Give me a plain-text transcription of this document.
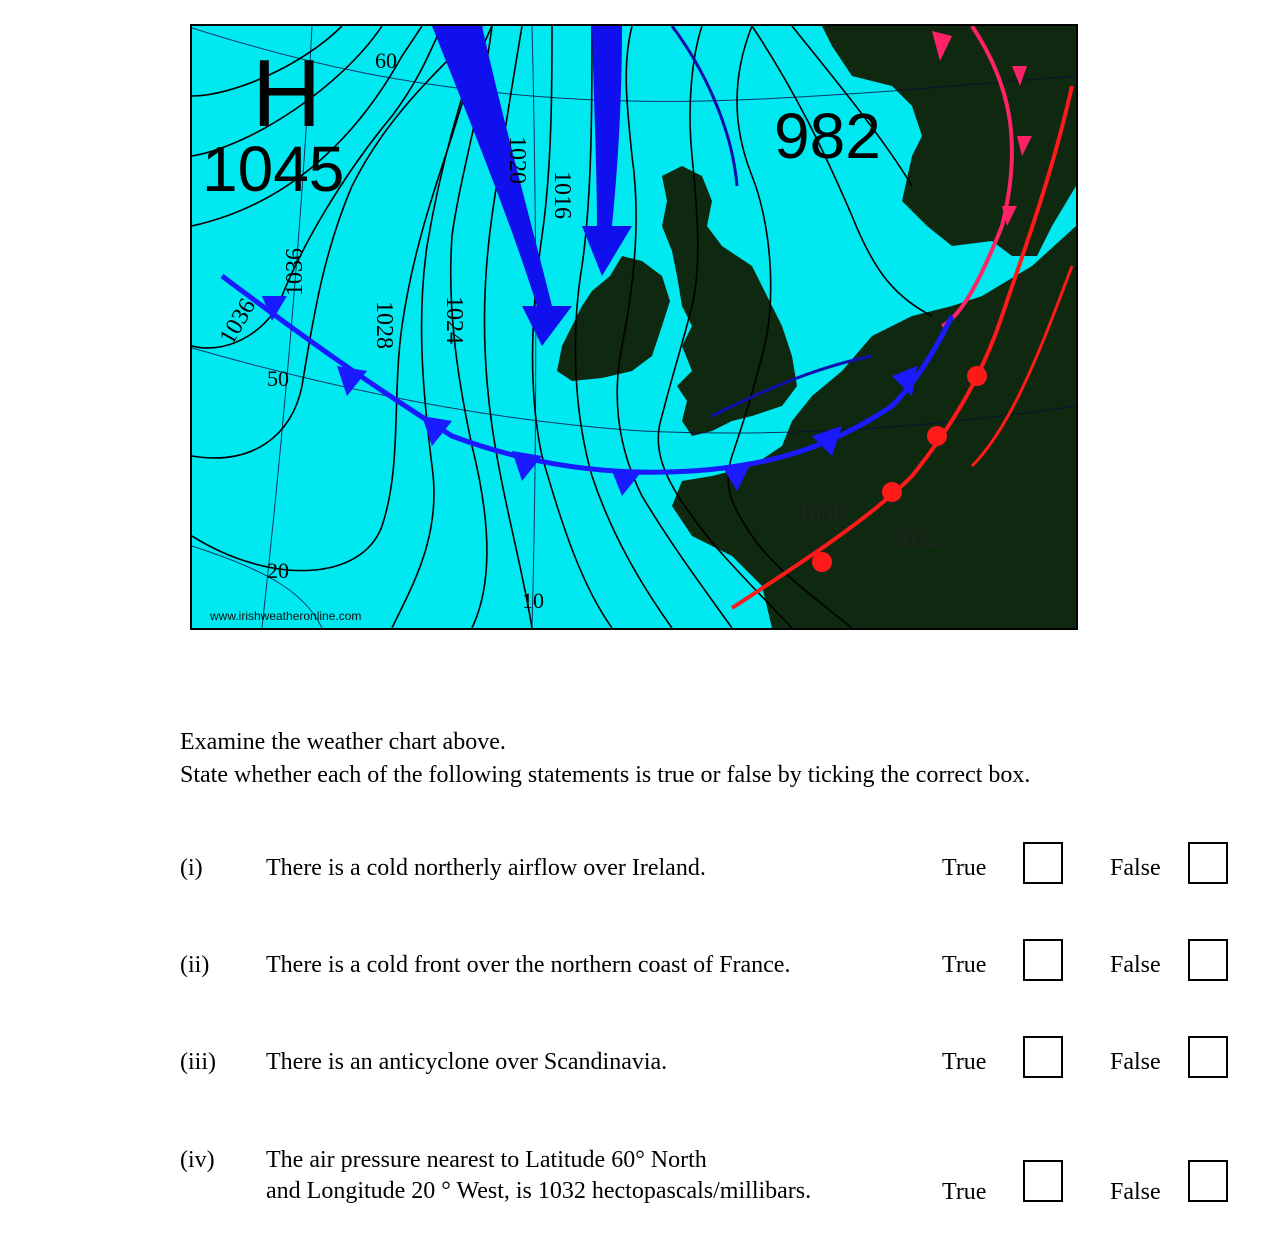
H
1045	982
1036
1036	1028 1024
1020
1016
1008
1012
60
50
20
10
www.irishweatheronline.com
Examine the weather chart above.
State whether each of the following statements is true or false by ticking the correct box.
(i)	There is a cold northerly airflow over Ireland.	True	False
(ii) There is a cold front over the northern coast of France.	True	False
(iii) There is an anticyclone over Scandinavia.	True	False
(iv) The air pressure nearest to Latitude 60° North
and Longitude 20 ° West, is 1032 hectopascals/millibars.	True	False
